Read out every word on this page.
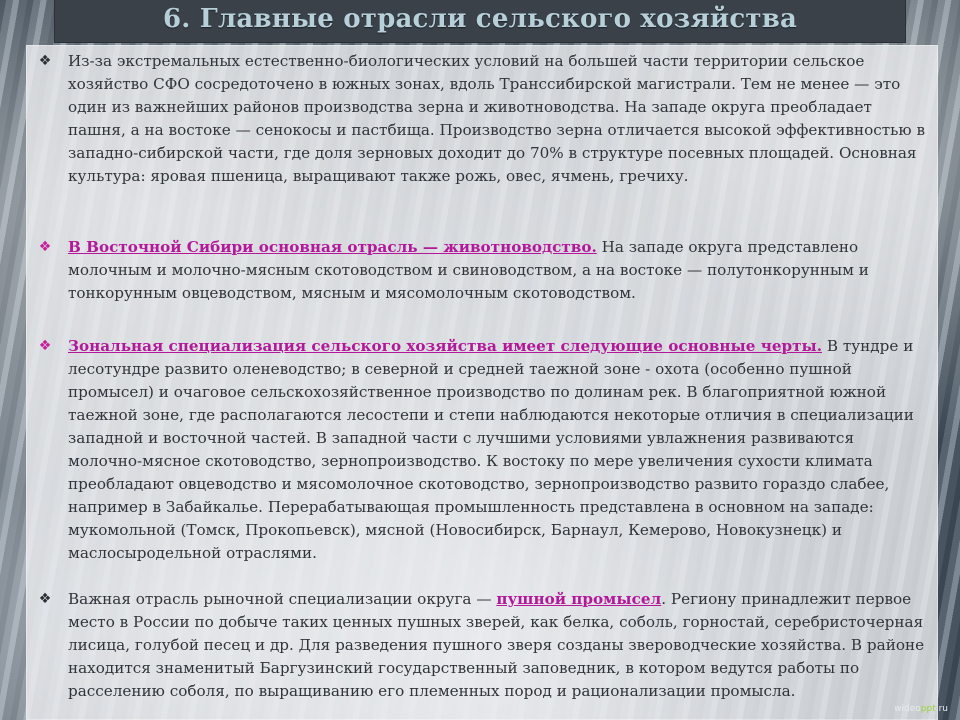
6. Главные отрасли сельского хозяйства
❖ Из-за экстремальных естественно-биологических условий на большей части территории сельское хозяйство СФО сосредоточено в южных зонах, вдоль Транссибирской магистрали. Тем не менее — это один из важнейших районов производства зерна и животноводства. На западе округа преобладает пашня, а на востоке — сенокосы и пастбища. Производство зерна отличается высокой эффективностью в западно-сибирской части, где доля зерновых доходит до 70% в структуре посевных площадей. Основная культура: яровая пшеница, выращивают также рожь, овес, ячмень, гречиху.
❖ В Восточной Сибири основная отрасль — животноводство. На западе округа представлено молочным и молочно-мясным скотоводством и свиноводством, а на востоке — полутонкорунным и тонкорунным овцеводством, мясным и мясомолочным скотоводством.
❖ Зональная специализация сельского хозяйства имеет следующие основные черты. В тундре и лесотундре развито оленеводство; в северной и средней таежной зоне - охота (особенно пушной промысел) и очаговое сельскохозяйственное производство по долинам рек. В благоприятной южной таежной зоне, где располагаются лесостепи и степи наблюдаются некоторые отличия в специализации западной и восточной частей. В западной части с лучшими условиями увлажнения развиваются молочно-мясное скотоводство, зернопроизводство. К востоку по мере увеличения сухости климата преобладают овцеводство и мясомолочное скотоводство, зернопроизводство развито гораздо слабее, например в Забайкалье. Перерабатывающая промышленность представлена в основном на западе: мукомольной (Томск, Прокопьевск), мясной (Новосибирск, Барнаул, Кемерово, Новокузнецк) и маслосыродельной отраслями.
❖ Важная отрасль рыночной специализации округа — пушной промысел. Региону принадлежит первое место в России по добыче таких ценных пушных зверей, как белка, соболь, горностай, серебристочерная лисица, голубой песец и др. Для разведения пушного зверя созданы звероводческие хозяйства. В районе находится знаменитый Баргузинский государственный заповедник, в котором ведутся работы по расселению соболя, по выращиванию его племенных пород и рационализации промысла.
wideoppt.ru
